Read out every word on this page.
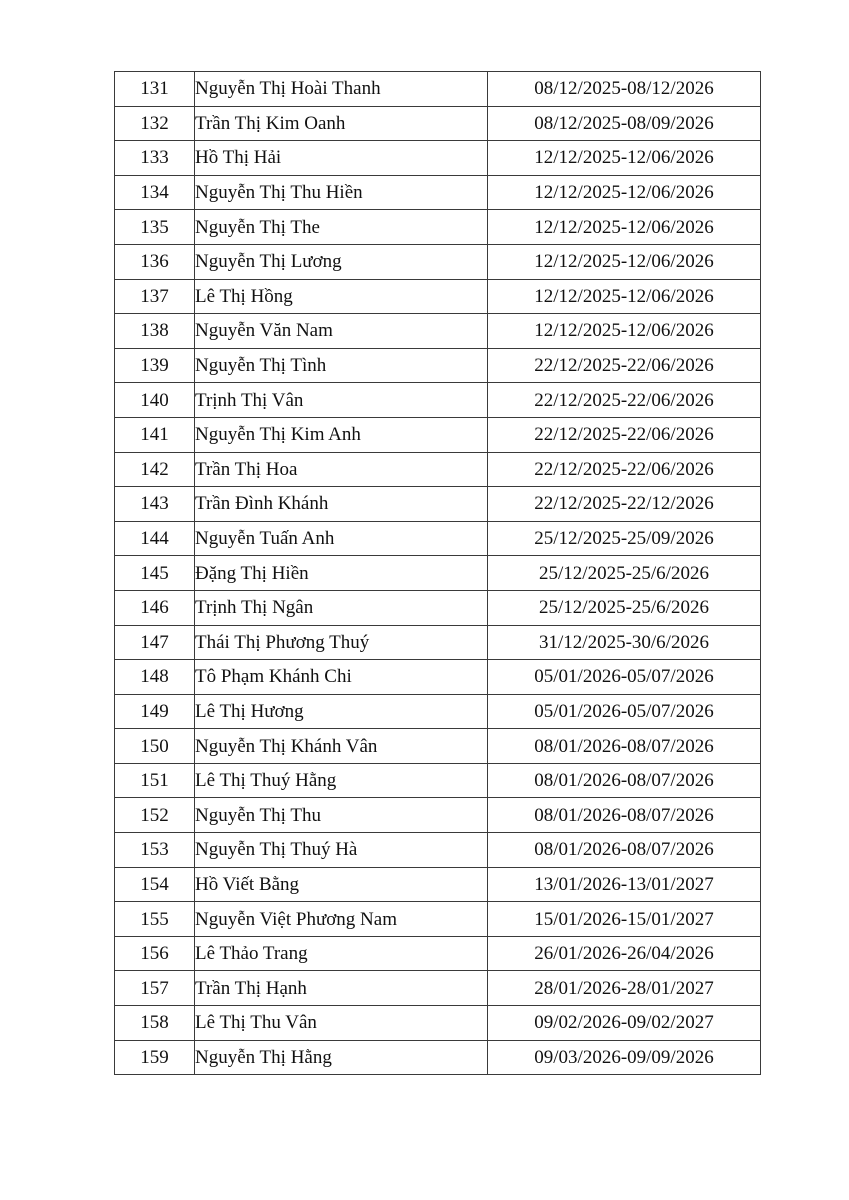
131	Nguyễn Thị Hoài Thanh	08/12/2025-08/12/2026
132	Trần Thị Kim Oanh	08/12/2025-08/09/2026
133	Hồ Thị Hải	12/12/2025-12/06/2026
134	Nguyễn Thị Thu Hiền	12/12/2025-12/06/2026
135	Nguyễn Thị The	12/12/2025-12/06/2026
136	Nguyễn Thị Lương	12/12/2025-12/06/2026
137	Lê Thị Hồng	12/12/2025-12/06/2026
138	Nguyễn Văn Nam	12/12/2025-12/06/2026
139	Nguyễn Thị Tình	22/12/2025-22/06/2026
140	Trịnh Thị Vân	22/12/2025-22/06/2026
141	Nguyễn Thị Kim Anh	22/12/2025-22/06/2026
142	Trần Thị Hoa	22/12/2025-22/06/2026
143	Trần Đình Khánh	22/12/2025-22/12/2026
144	Nguyễn Tuấn Anh	25/12/2025-25/09/2026
145	Đặng Thị Hiền	25/12/2025-25/6/2026
146	Trịnh Thị Ngân	25/12/2025-25/6/2026
147	Thái Thị Phương Thuý	31/12/2025-30/6/2026
148	Tô Phạm Khánh Chi	05/01/2026-05/07/2026
149	Lê Thị Hương	05/01/2026-05/07/2026
150	Nguyễn Thị Khánh Vân	08/01/2026-08/07/2026
151	Lê Thị Thuý Hằng	08/01/2026-08/07/2026
152	Nguyễn Thị Thu	08/01/2026-08/07/2026
153	Nguyễn Thị Thuý Hà	08/01/2026-08/07/2026
154	Hồ Viết Bằng	13/01/2026-13/01/2027
155	Nguyễn Việt Phương Nam	15/01/2026-15/01/2027
156	Lê Thảo Trang	26/01/2026-26/04/2026
157	Trần Thị Hạnh	28/01/2026-28/01/2027
158	Lê Thị Thu Vân	09/02/2026-09/02/2027
159	Nguyễn Thị Hằng	09/03/2026-09/09/2026
